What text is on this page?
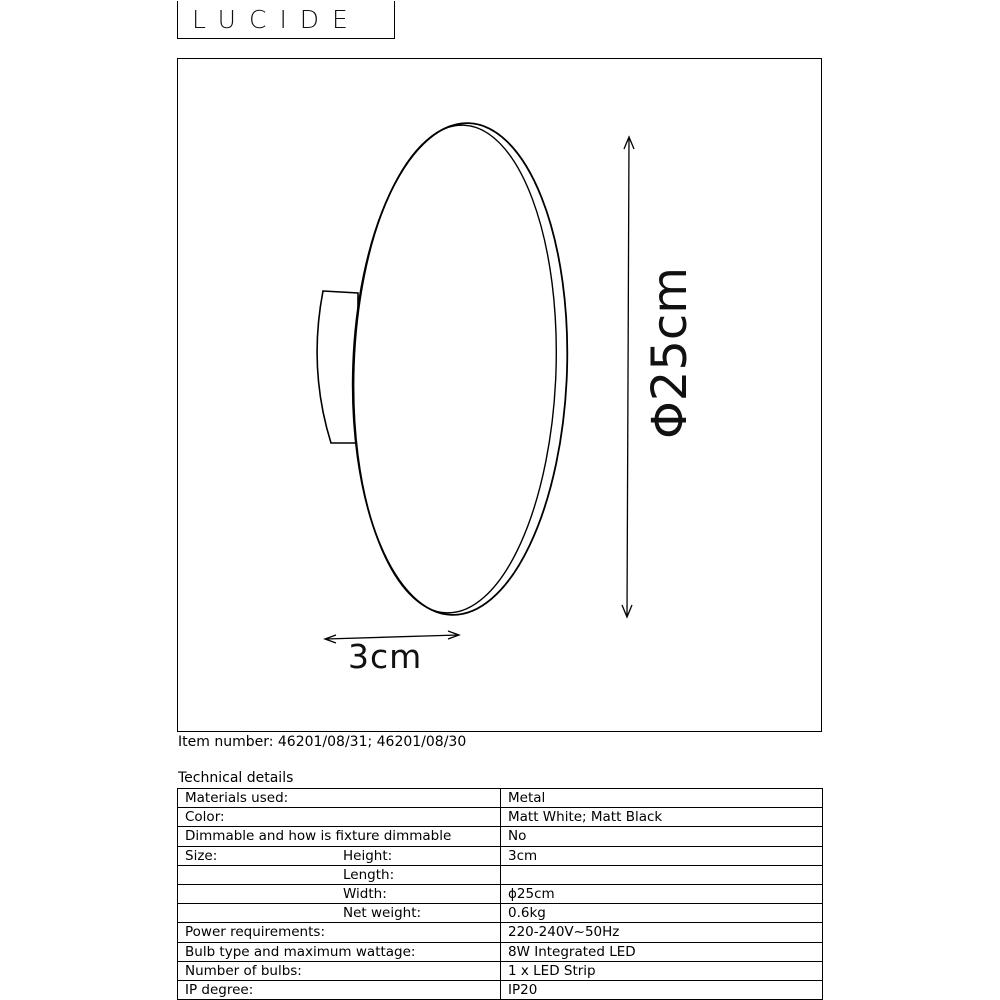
LUCIDE
3cm
Φ25cm
Item number: 46201/08/31; 46201/08/30
Technical details
Materials used:	Metal
Color:	Matt White; Matt Black
Dimmable and how is fixture dimmable	No
Size: Height:	3cm
Length:	
Width:	ϕ25cm
Net weight:	0.6kg
Power requirements:	220-240V~50Hz
Bulb type and maximum wattage:	8W Integrated LED
Number of bulbs:	1 x LED Strip
IP degree:	IP20
